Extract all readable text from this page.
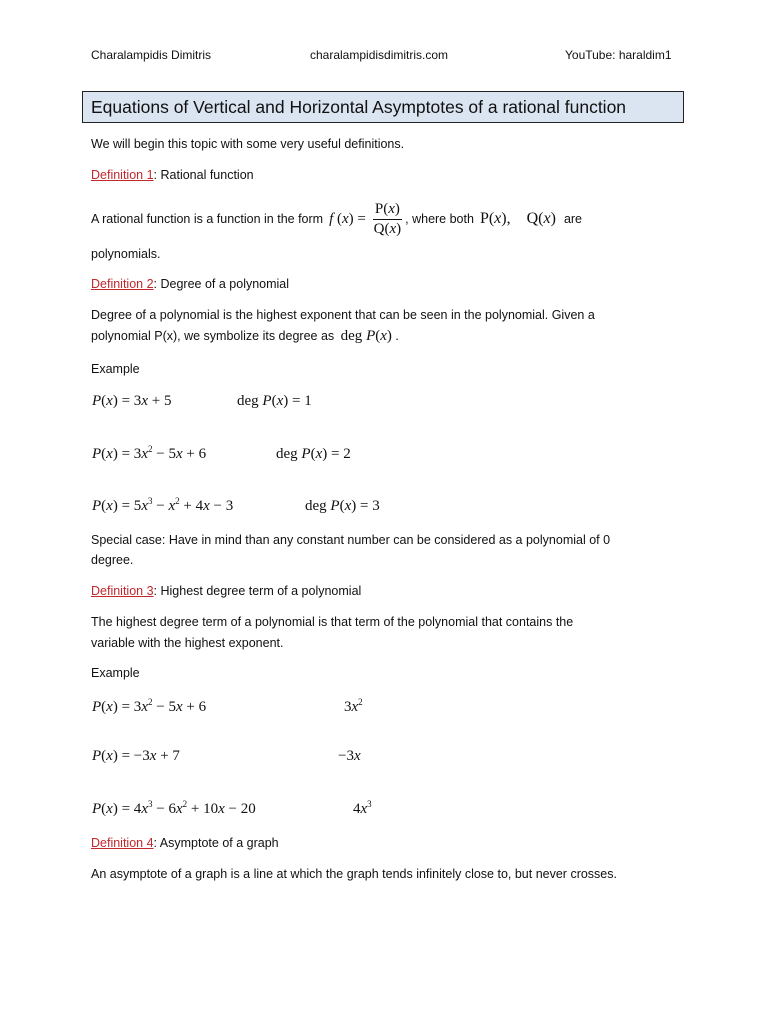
Charalampidis Dimitris	charalampidisdimitris.com	YouTube: haraldim1
Equations of Vertical and Horizontal Asymptotes of a rational function
We will begin this topic with some very useful definitions.
Definition 1: Rational function
A rational function is a function in the form f ( x ) = $\frac{P(x)}{Q(x)}$ , where both P(x),    Q(x) are
polynomials.
Definition 2: Degree of a polynomial
Degree of a polynomial is the highest exponent that can be seen in the polynomial. Given a
polynomial P(x), we symbolize its degree as deg P(x) .
Example
P(x) = 3x + 5	deg P(x) = 1
$P(x) = 3x^2 - 5x + 6$	deg P(x) = 2
$P(x) = 5x^3 - x^2 + 4x - 3$	deg P(x) = 3
Special case: Have in mind than any constant number can be considered as a polynomial of 0
degree.
Definition 3: Highest degree term of a polynomial
The highest degree term of a polynomial is that term of the polynomial that contains the
variable with the highest exponent.
Example
$P(x) = 3x^2 - 5x + 6$	$3x^2$
P(x) = −3x + 7	−3x
$P(x) = 4x^3 - 6x^2 + 10x - 20$	$4x^3$
Definition 4: Asymptote of a graph
An asymptote of a graph is a line at which the graph tends infinitely close to, but never crosses.
